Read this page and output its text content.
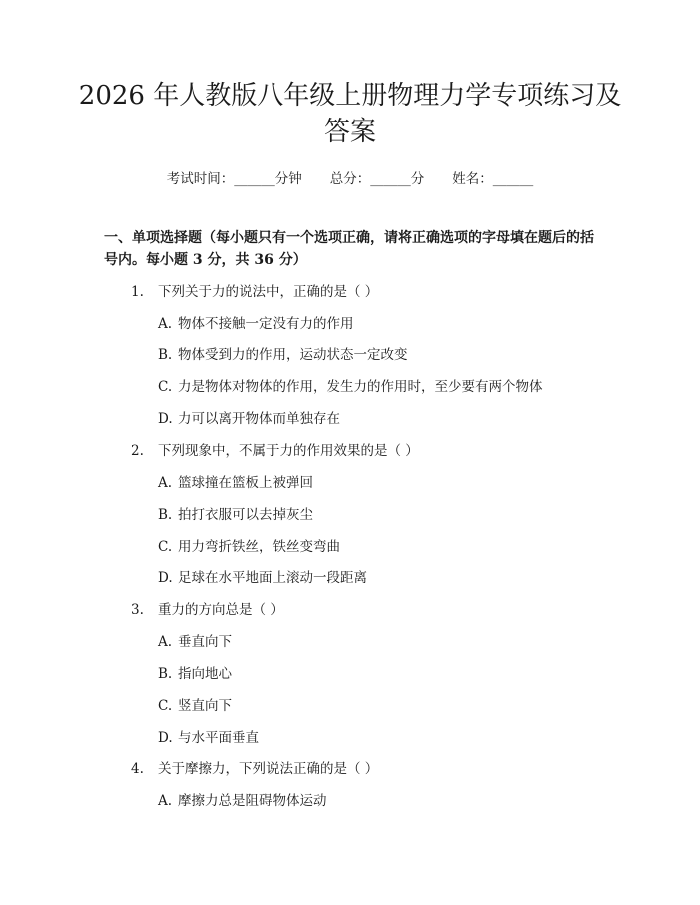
2026 年人教版八年级上册物理力学专项练习及答案
考试时间：______分钟 总分：______分 姓名：______
一、单项选择题（每小题只有一个选项正确，请将正确选项的字母填在题后的括号内。每小题 3 分，共 36 分）
1. 下列关于力的说法中，正确的是（ ）
A. 物体不接触一定没有力的作用
B. 物体受到力的作用，运动状态一定改变
C. 力是物体对物体的作用，发生力的作用时，至少要有两个物体
D. 力可以离开物体而单独存在
2. 下列现象中，不属于力的作用效果的是（ ）
A. 篮球撞在篮板上被弹回
B. 拍打衣服可以去掉灰尘
C. 用力弯折铁丝，铁丝变弯曲
D. 足球在水平地面上滚动一段距离
3. 重力的方向总是（ ）
A. 垂直向下
B. 指向地心
C. 竖直向下
D. 与水平面垂直
4. 关于摩擦力，下列说法正确的是（ ）
A. 摩擦力总是阻碍物体运动
